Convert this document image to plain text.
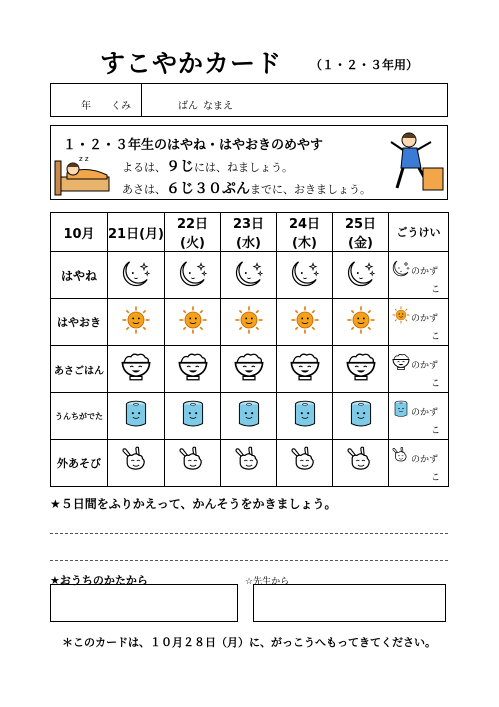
すこやかカード （１・２・３年用）
年 くみ	ばん なまえ
１・２・３年生のはやね・はやおきのめやす
よるは、９じには、ねましょう。
あさは、６じ３０ぷんまでに、おきましょう。
z z
10月	21日(月)	22日(火)	23日(水)	24日(木)	25日(金)	ごうけい
はやね						のかず
こ

はやおき						のかず
こ

あさごはん						のかず
こ

うんちがでた						のかず
こ

外あそび						のかず
こ
★５日間をふりかえって、かんそうをかきましょう。
★おうちのかたから	☆先生から
＊このカードは、１０月２８日（月）に、がっこうへもってきてください。
